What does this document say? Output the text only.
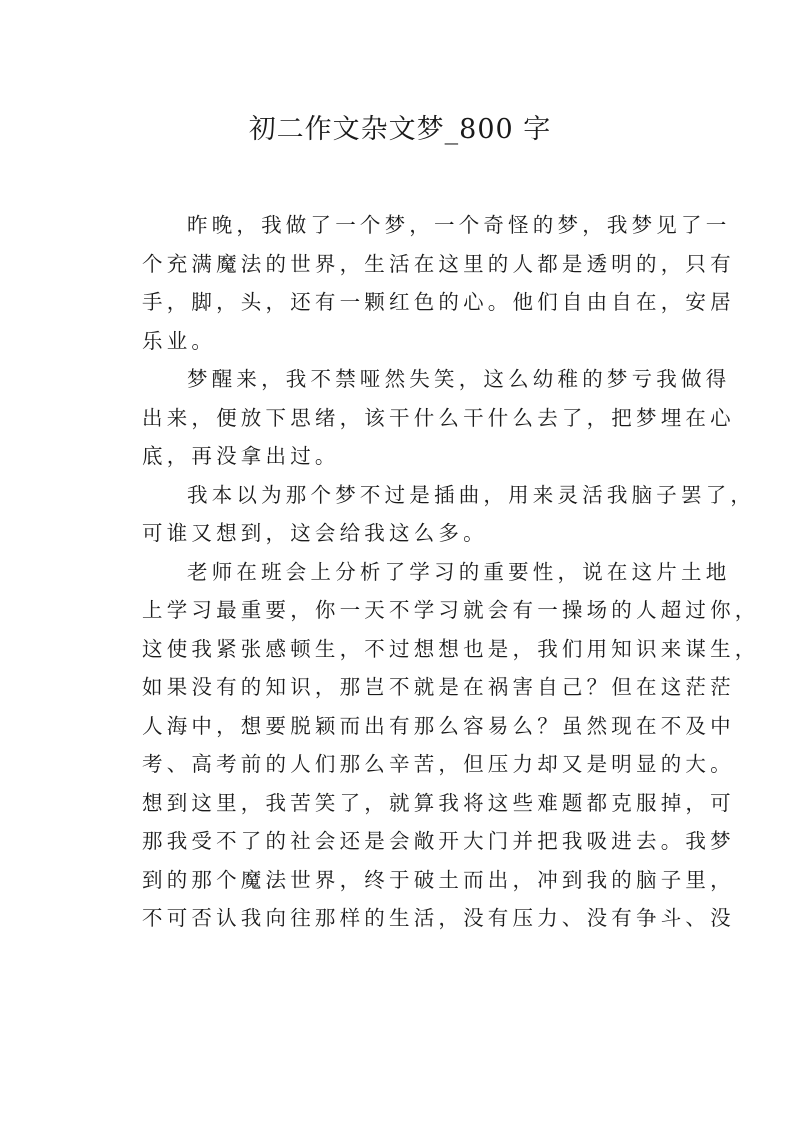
初二作文杂文梦_800 字
昨晚，我做了一个梦，一个奇怪的梦，我梦见了一
个充满魔法的世界，生活在这里的人都是透明的，只有
手，脚，头，还有一颗红色的心。他们自由自在，安居
乐业。
梦醒来，我不禁哑然失笑，这么幼稚的梦亏我做得
出来，便放下思绪，该干什么干什么去了，把梦埋在心
底，再没拿出过。
我本以为那个梦不过是插曲，用来灵活我脑子罢了，
可谁又想到，这会给我这么多。
老师在班会上分析了学习的重要性，说在这片土地
上学习最重要，你一天不学习就会有一操场的人超过你，
这使我紧张感顿生，不过想想也是，我们用知识来谋生，
如果没有的知识，那岂不就是在祸害自己？但在这茫茫
人海中，想要脱颖而出有那么容易么？虽然现在不及中
考、高考前的人们那么辛苦，但压力却又是明显的大。
想到这里，我苦笑了，就算我将这些难题都克服掉，可
那我受不了的社会还是会敞开大门并把我吸进去。我梦
到的那个魔法世界，终于破土而出，冲到我的脑子里，
不可否认我向往那样的生活，没有压力、没有争斗、没
